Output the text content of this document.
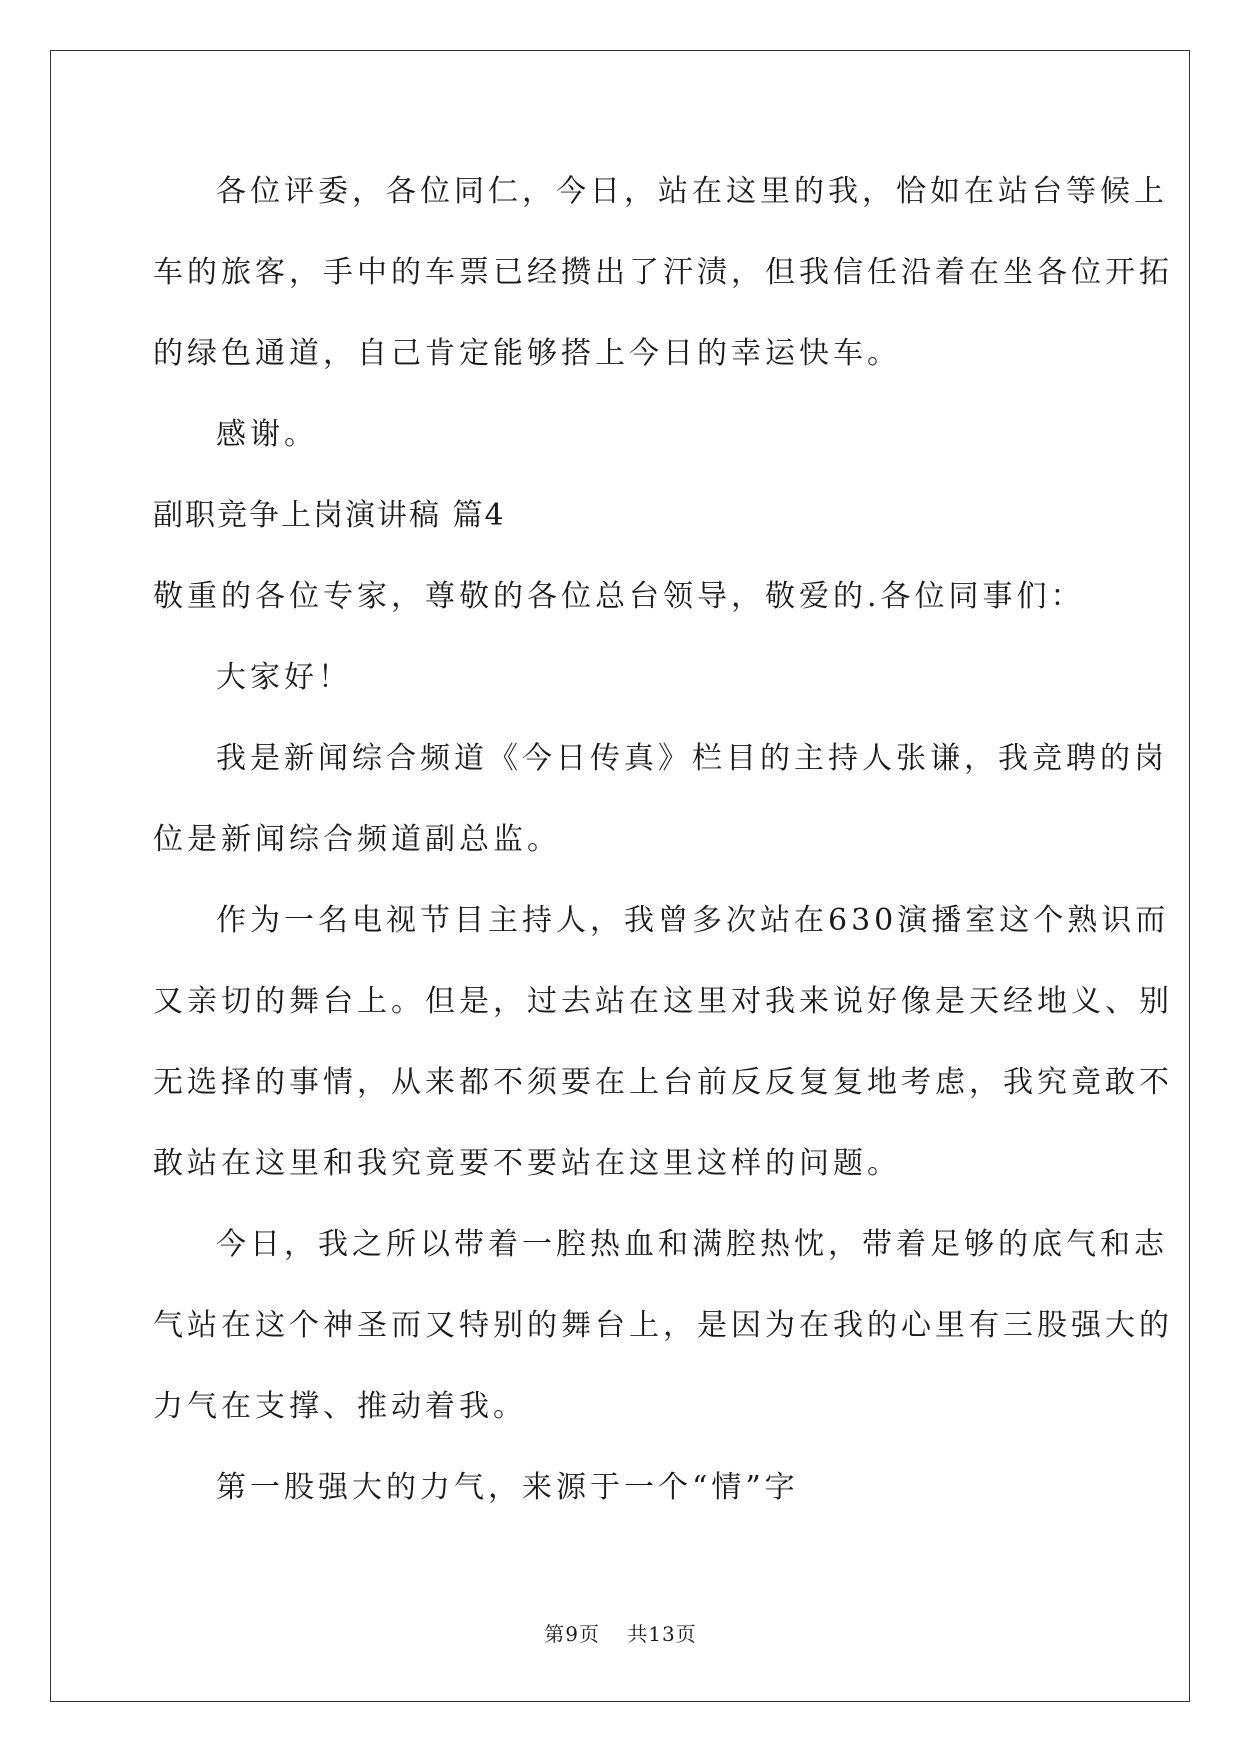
各位评委，各位同仁，今日，站在这里的我，恰如在站台等候上
车的旅客，手中的车票已经攒出了汗渍，但我信任沿着在坐各位开拓
的绿色通道，自己肯定能够搭上今日的幸运快车。
感谢。
副职竞争上岗演讲稿 篇4
敬重的各位专家，尊敬的各位总台领导，敬爱的.各位同事们：
大家好！
我是新闻综合频道《今日传真》栏目的主持人张谦，我竞聘的岗
位是新闻综合频道副总监。
作为一名电视节目主持人，我曾多次站在630演播室这个熟识而
又亲切的舞台上。但是，过去站在这里对我来说好像是天经地义、别
无选择的事情，从来都不须要在上台前反反复复地考虑，我究竟敢不
敢站在这里和我究竟要不要站在这里这样的问题。
今日，我之所以带着一腔热血和满腔热忱，带着足够的底气和志
气站在这个神圣而又特别的舞台上，是因为在我的心里有三股强大的
力气在支撑、推动着我。
第一股强大的力气，来源于一个“情”字
第9页 共13页
